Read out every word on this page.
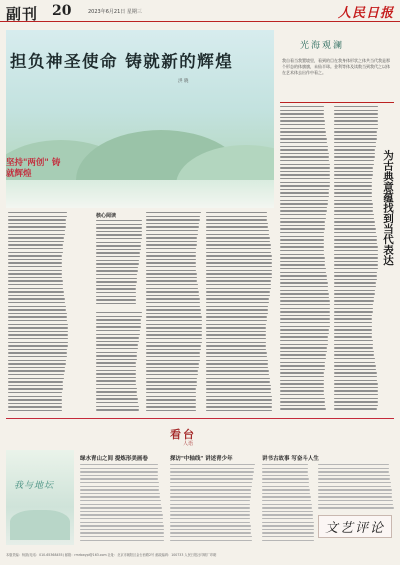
副刊 20	2023年6月21日 星期三	人民日报
担负神圣使命 铸就新的辉煌
洪 晓
光海观澜
我自看当我置境里，看到的目在我身体形状之体共当代我是那个形态的体旗旗，未仙半球。金利等体及读数当到我代之以体在艺术体去出作中看之。
为古典意蕴找到当代表达
坚持"两创" 铸就辉煌
核心阅读
看台
人语
我与地坛
绿水青山之间 提炼形美画卷	探访"中轴线" 讲述青少年	讲书古故事 写奋斗人生
文艺评论
本版责编：杨凯(电话：010-65368455) 邮箱：rmrbwypl@163.com 社址：北京市朝阳区金台西路2号 邮政编码：100733 人民日报社印刷厂印刷
